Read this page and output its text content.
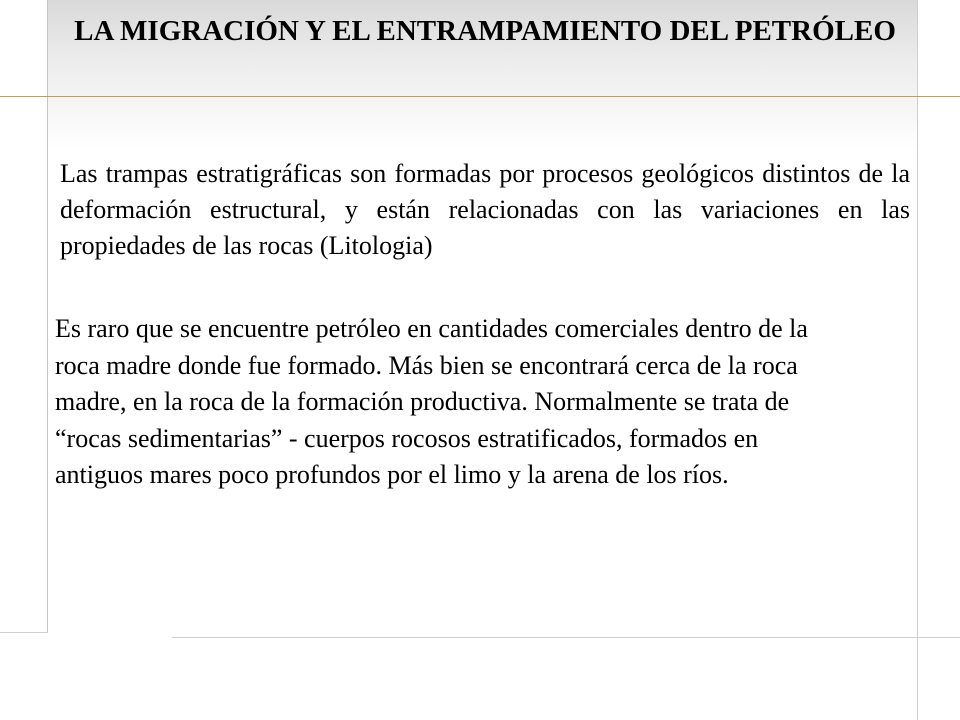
LA MIGRACIÓN Y EL ENTRAMPAMIENTO DEL PETRÓLEO

Las trampas estratigráficas son formadas por procesos geológicos distintos de la deformación estructural, y están relacionadas con las variaciones en las propiedades de las rocas (Litologia)

Es raro que se encuentre petróleo en cantidades comerciales dentro de la roca madre donde fue formado. Más bien se encontrará cerca de la roca madre, en la roca de la formación productiva. Normalmente se trata de “rocas sedimentarias” - cuerpos rocosos estratificados, formados en antiguos mares poco profundos por el limo y la arena de los ríos.
